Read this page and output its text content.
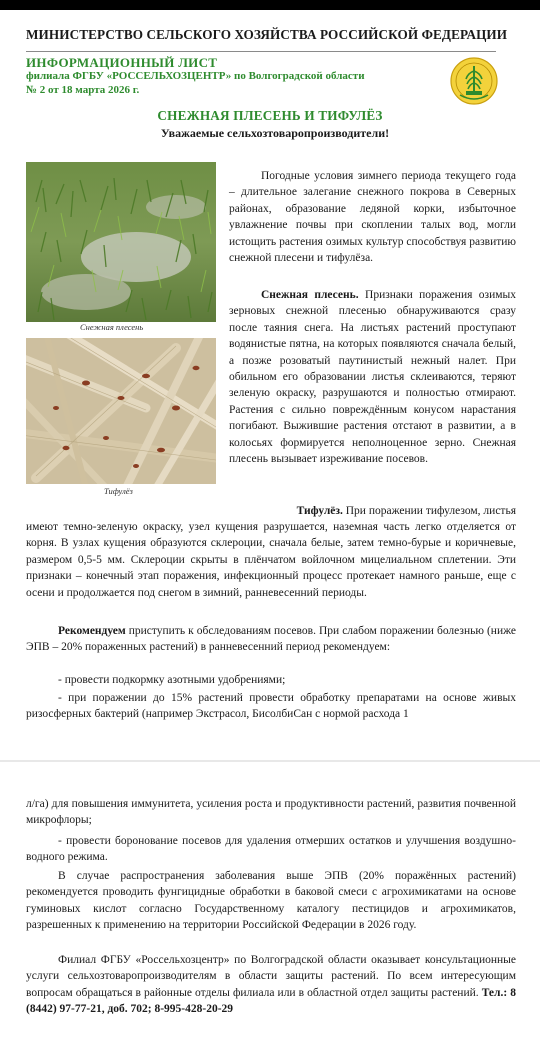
МИНИСТЕРСТВО СЕЛЬСКОГО ХОЗЯЙСТВА РОССИЙСКОЙ ФЕДЕРАЦИИ
ИНФОРМАЦИОННЫЙ ЛИСТ
филиала ФГБУ «РОССЕЛЬХОЗЦЕНТР» по Волгоградской области
№ 2 от 18 марта 2026 г.
СНЕЖНАЯ ПЛЕСЕНЬ И ТИФУЛЁЗ
Уважаемые сельхозтоваропроизводители!
Снежная плесень
Тифулёз

Погодные условия зимнего периода текущего года – длительное залегание снежного покрова в Северных районах, образование ледяной корки, избыточное увлажнение почвы при скоплении талых вод, могли истощить растения озимых культур способствуя развитию снежной плесени и тифулёза.

Снежная плесень. Признаки поражения озимых зерновых снежной плесенью обнаруживаются сразу после таяния снега. На листьях растений проступают водянистые пятна, на которых появляются сначала белый, а позже розоватый паутинистый нежный налет. При обильном его образовании листья склеиваются, теряют зеленую окраску, разрушаются и полностью отмирают. Растения с сильно повреждённым конусом нарастания погибают. Выжившие растения отстают в развитии, а в колосьях формируется неполноценное зерно. Снежная плесень вызывает изреживание посевов.

Тифулёз. При поражении тифулезом, листья

имеют темно-зеленую окраску, узел кущения разрушается, наземная часть легко отделяется от корня. В узлах кущения образуются склероции, сначала белые, затем темно-бурые и коричневые, размером 0,5-5 мм. Склероции скрыты в плёнчатом войлочном мицелиальном сплетении. Эти признаки – конечный этап поражения, инфекционный процесс протекает намного раньше, еще с осени и продолжается под снегом в зимний, ранневесенний периоды.

Рекомендуем приступить к обследованиям посевов. При слабом поражении болезнью (ниже ЭПВ – 20% пораженных растений) в ранневесенний период рекомендуем:

- провести подкормку азотными удобрениями;

- при поражении до 15% растений провести обработку препаратами на основе живых ризосферных бактерий (например Экстрасол, БисолбиСан с нормой расхода 1

л/га) для повышения иммунитета, усиления роста и продуктивности растений, развития почвенной микрофлоры;

- провести боронование посевов для удаления отмерших остатков и улучшения воздушно-водного режима.

В случае распространения заболевания выше ЭПВ (20% поражённых растений) рекомендуется проводить фунгицидные обработки в баковой смеси с агрохимикатами на основе гуминовых кислот согласно Государственному каталогу пестицидов и агрохимикатов, разрешенных к применению на территории Российской Федерации в 2026 году.

Филиал ФГБУ «Россельхозцентр» по Волгоградской области оказывает консультационные услуги сельхозтоваропроизводителям в области защиты растений. По всем интересующим вопросам обращаться в районные отделы филиала или в областной отдел защиты растений. Тел.: 8 (8442) 97-77-21, доб. 702; 8-995-428-20-29
